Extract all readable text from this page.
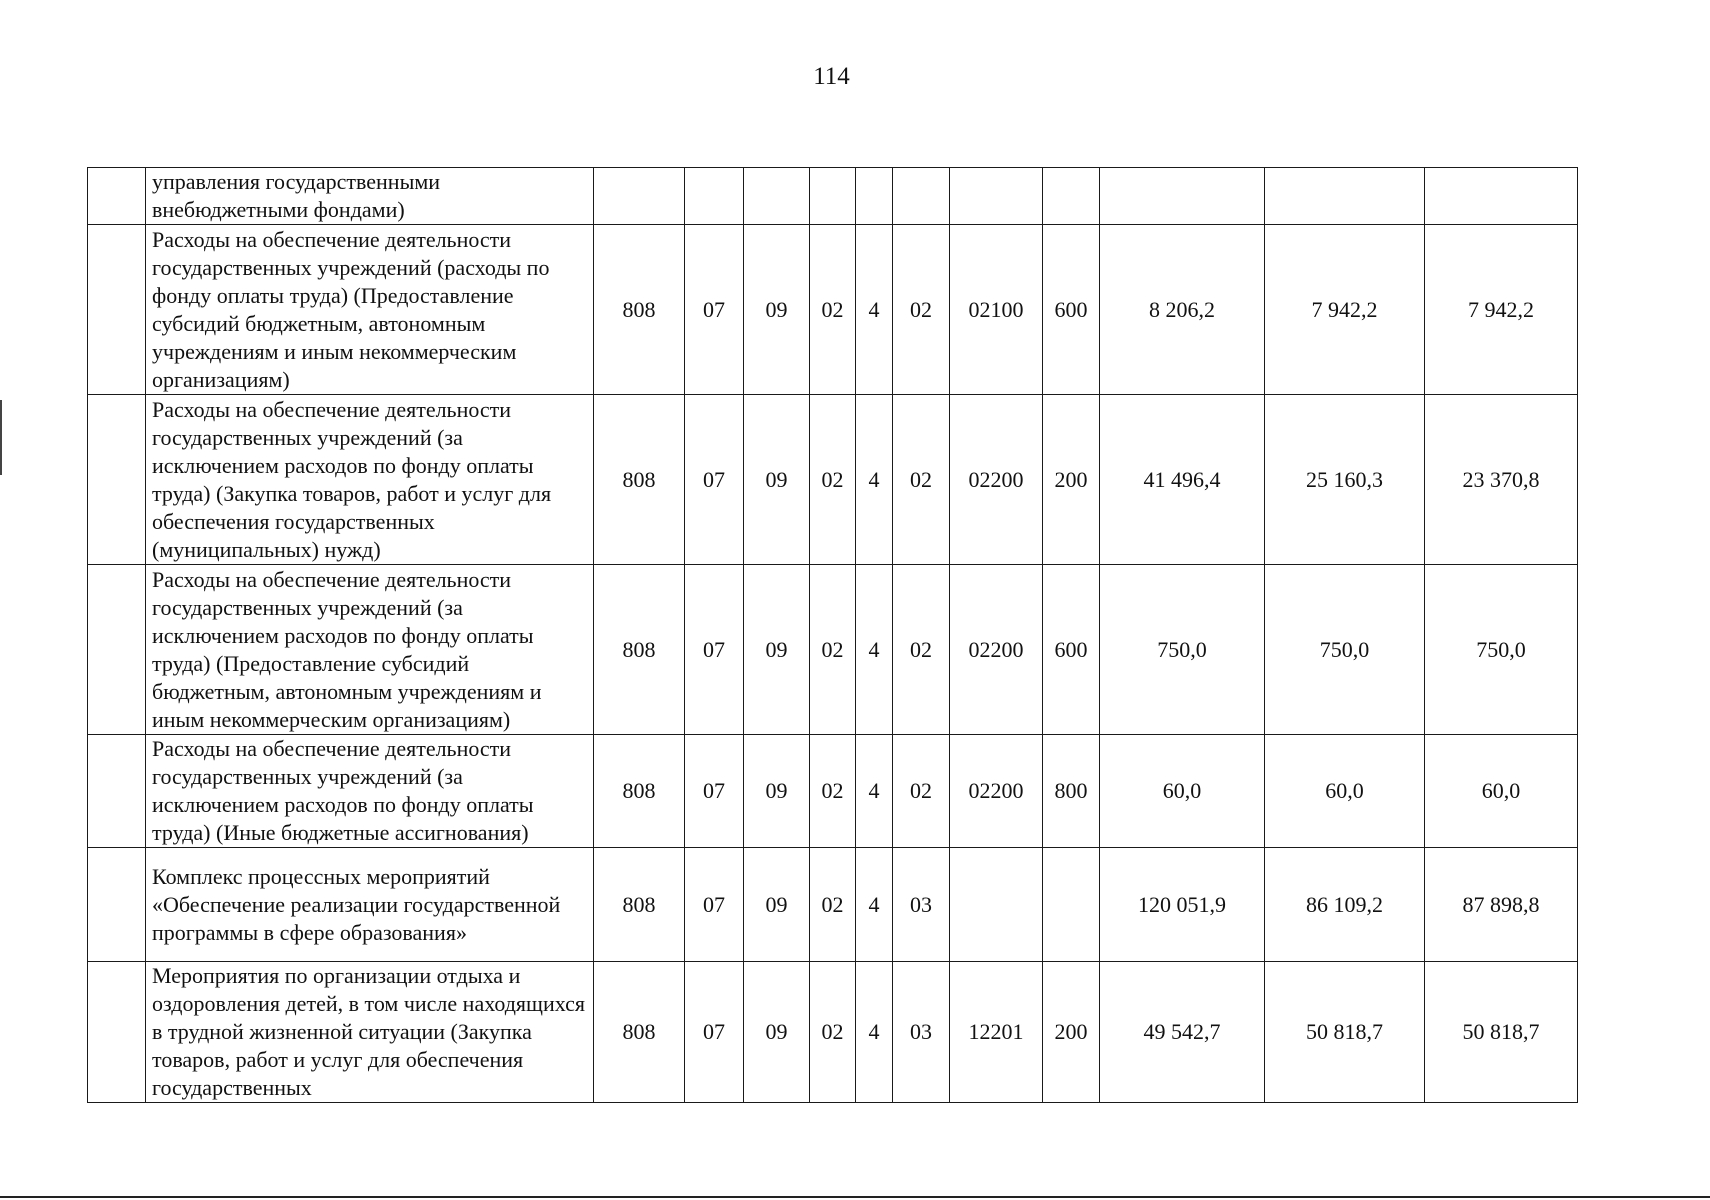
114
	управления государственными внебюджетными фондами)											
	Расходы на обеспечение деятельности государственных учреждений (расходы по фонду оплаты труда) (Предоставление субсидий бюджетным, автономным учреждениям и иным некоммерческим организациям)	808	07	09	02	4	02	02100	600	8 206,2	7 942,2	7 942,2
	Расходы на обеспечение деятельности государственных учреждений (за исключением расходов по фонду оплаты труда) (Закупка товаров, работ и услуг для обеспечения государственных (муниципальных) нужд)	808	07	09	02	4	02	02200	200	41 496,4	25 160,3	23 370,8
	Расходы на обеспечение деятельности государственных учреждений (за исключением расходов по фонду оплаты труда) (Предоставление субсидий бюджетным, автономным учреждениям и иным некоммерческим организациям)	808	07	09	02	4	02	02200	600	750,0	750,0	750,0
	Расходы на обеспечение деятельности государственных учреждений (за исключением расходов по фонду оплаты труда) (Иные бюджетные ассигнования)	808	07	09	02	4	02	02200	800	60,0	60,0	60,0
	Комплекс процессных мероприятий «Обеспечение реализации государственной программы в сфере образования»	808	07	09	02	4	03			120 051,9	86 109,2	87 898,8
	Мероприятия по организации отдыха и оздоровления детей, в том числе находящихся в трудной жизненной ситуации (Закупка товаров, работ и услуг для обеспечения государственных	808	07	09	02	4	03	12201	200	49 542,7	50 818,7	50 818,7
